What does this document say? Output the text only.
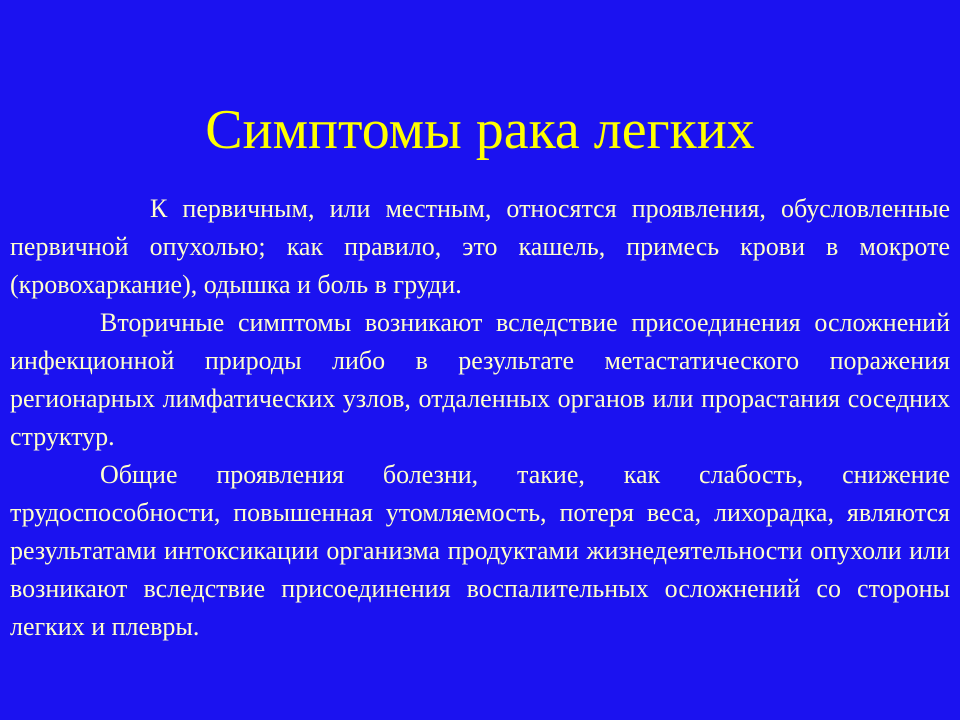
Симптомы рака легких

К первичным, или местным, относятся проявления, обусловленные первичной опухолью; как правило, это кашель, примесь крови в мокроте (кровохаркание), одышка и боль в груди.

Вторичные симптомы возникают вследствие присоединения осложнений инфекционной природы либо в результате метастатического поражения регионарных лимфатических узлов, отдаленных органов или прорастания соседних структур.

Общие проявления болезни, такие, как слабость, снижение трудоспособности, повышенная утомляемость, потеря веса, лихорадка, являются результатами интоксикации организма продуктами жизнедеятельности опухоли или возникают вследствие присоединения воспалительных осложнений со стороны легких и плевры.
